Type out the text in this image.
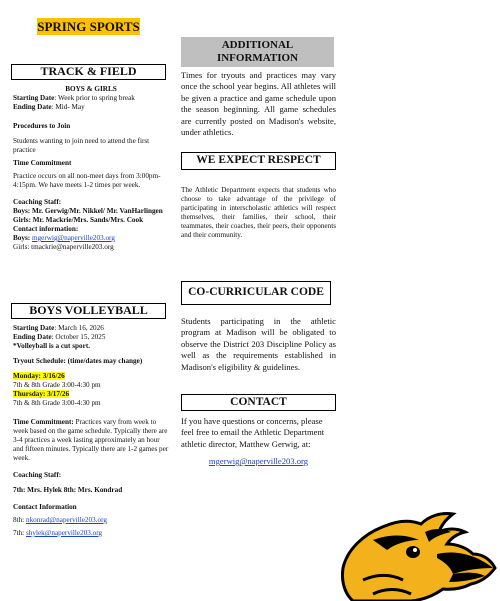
SPRING SPORTS
TRACK & FIELD

BOYS & GIRLS

Starting Date: Week prior to spring break

Ending Date: Mid- May

Procedures to Join

Students wanting to join need to attend the first practice

Time Commitment

Practice occurs on all non-meet days from 3:00pm-4:15pm. We have meets 1-2 times per week.

Coaching Staff:

Boys: Mr. Gerwig/Mr. Nikkel/ Mr. VanHarlingen

Girls: Mr. Mackrie/Mrs. Sands/Mrs. Cook

Contact information:

Boys: mgerwig@naperville203.org

Girls: tmackrie@naperville203.org

BOYS VOLLEYBALL

Starting Date: March 16, 2026

Ending Date: October 15, 2025

*Volleyball is a cut sport.

Tryout Schedule: (time/dates may change)

Monday: 3/16/26

7th & 8th Grade 3:00-4:30 pm

Thursday: 3/17/26

7th & 8th Grade 3:00-4:30 pm

Time Commitment: Practices vary from week to week based on the game schedule. Typically there are 3-4 practices a week lasting approximately an hour and fifteen minutes. Typically there are 1-2 games per week.

Coaching Staff:

7th: Mrs. Hylek 8th: Mrs. Kondrad

Contact Information

8th: nkonrad@naperville203.org

7th: shylek@naperville203.org

ADDITIONAL
INFORMATION
Times for tryouts and practices may vary once the school year begins. All athletes will be given a practice and game schedule upon the season beginning. All game schedules are currently posted on Madison's website, under athletics.
WE EXPECT RESPECT
The Athletic Department expects that students who choose to take advantage of the privilege of participating in interscholastic athletics will respect themselves, their families, their school, their teammates, their coaches, their peers, their opponents and their community.
CO-CURRICULAR CODE
Students participating in the athletic program at Madison will be obligated to observe the District 203 Discipline Policy as well as the requirements established in Madison's eligibility & guidelines.
CONTACT
If you have questions or concerns, please feel free to email the Athletic Department athletic director, Matthew Gerwig, at:
mgerwig@naperville203.org
